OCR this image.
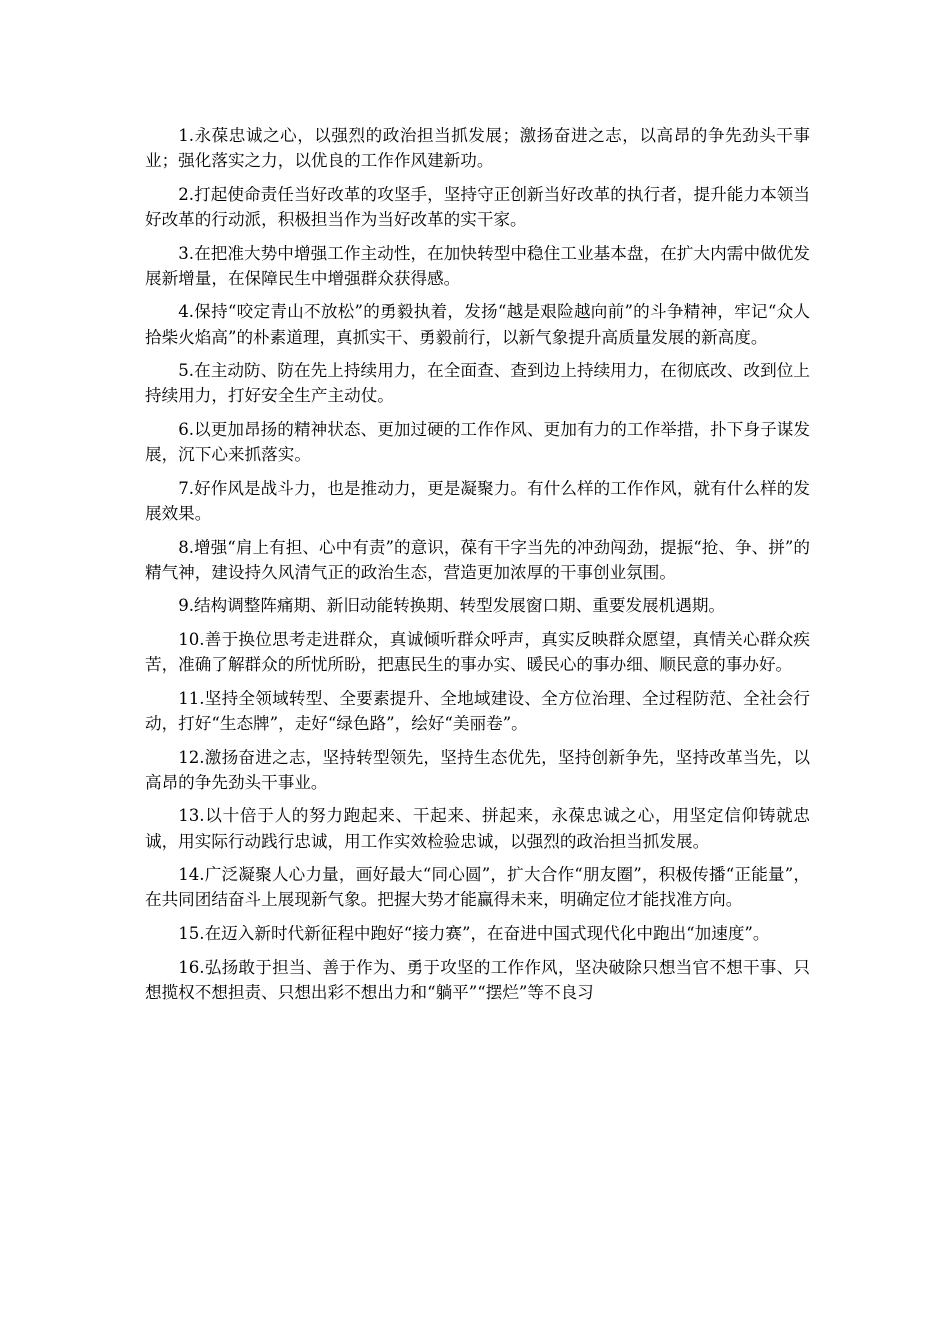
1.永葆忠诚之心，以强烈的政治担当抓发展；激扬奋进之志，以高昂的争先劲头干事业；强化落实之力，以优良的工作作风建新功。

2.打起使命责任当好改革的攻坚手，坚持守正创新当好改革的执行者，提升能力本领当好改革的行动派，积极担当作为当好改革的实干家。

3.在把准大势中增强工作主动性，在加快转型中稳住工业基本盘，在扩大内需中做优发展新增量，在保障民生中增强群众获得感。

4.保持“咬定青山不放松”的勇毅执着，发扬“越是艰险越向前”的斗争精神，牢记“众人拾柴火焰高”的朴素道理，真抓实干、勇毅前行，以新气象提升高质量发展的新高度。

5.在主动防、防在先上持续用力，在全面查、查到边上持续用力，在彻底改、改到位上持续用力，打好安全生产主动仗。

6.以更加昂扬的精神状态、更加过硬的工作作风、更加有力的工作举措，扑下身子谋发展，沉下心来抓落实。

7.好作风是战斗力，也是推动力，更是凝聚力。有什么样的工作作风，就有什么样的发展效果。

8.增强“肩上有担、心中有责”的意识，葆有干字当先的冲劲闯劲，提振“抢、争、拼”的精气神，建设持久风清气正的政治生态，营造更加浓厚的干事创业氛围。

9.结构调整阵痛期、新旧动能转换期、转型发展窗口期、重要发展机遇期。

10.善于换位思考走进群众，真诚倾听群众呼声，真实反映群众愿望，真情关心群众疾苦，准确了解群众的所忧所盼，把惠民生的事办实、暖民心的事办细、顺民意的事办好。

11.坚持全领域转型、全要素提升、全地域建设、全方位治理、全过程防范、全社会行动，打好“生态牌”，走好“绿色路”，绘好“美丽卷”。

12.激扬奋进之志，坚持转型领先，坚持生态优先，坚持创新争先，坚持改革当先，以高昂的争先劲头干事业。

13.以十倍于人的努力跑起来、干起来、拼起来，永葆忠诚之心，用坚定信仰铸就忠诚，用实际行动践行忠诚，用工作实效检验忠诚，以强烈的政治担当抓发展。

14.广泛凝聚人心力量，画好最大“同心圆”，扩大合作“朋友圈”，积极传播“正能量”，在共同团结奋斗上展现新气象。把握大势才能赢得未来，明确定位才能找准方向。

15.在迈入新时代新征程中跑好“接力赛”，在奋进中国式现代化中跑出“加速度”。

16.弘扬敢于担当、善于作为、勇于攻坚的工作作风，坚决破除只想当官不想干事、只想揽权不想担责、只想出彩不想出力和“躺平”“摆烂”等不良习
